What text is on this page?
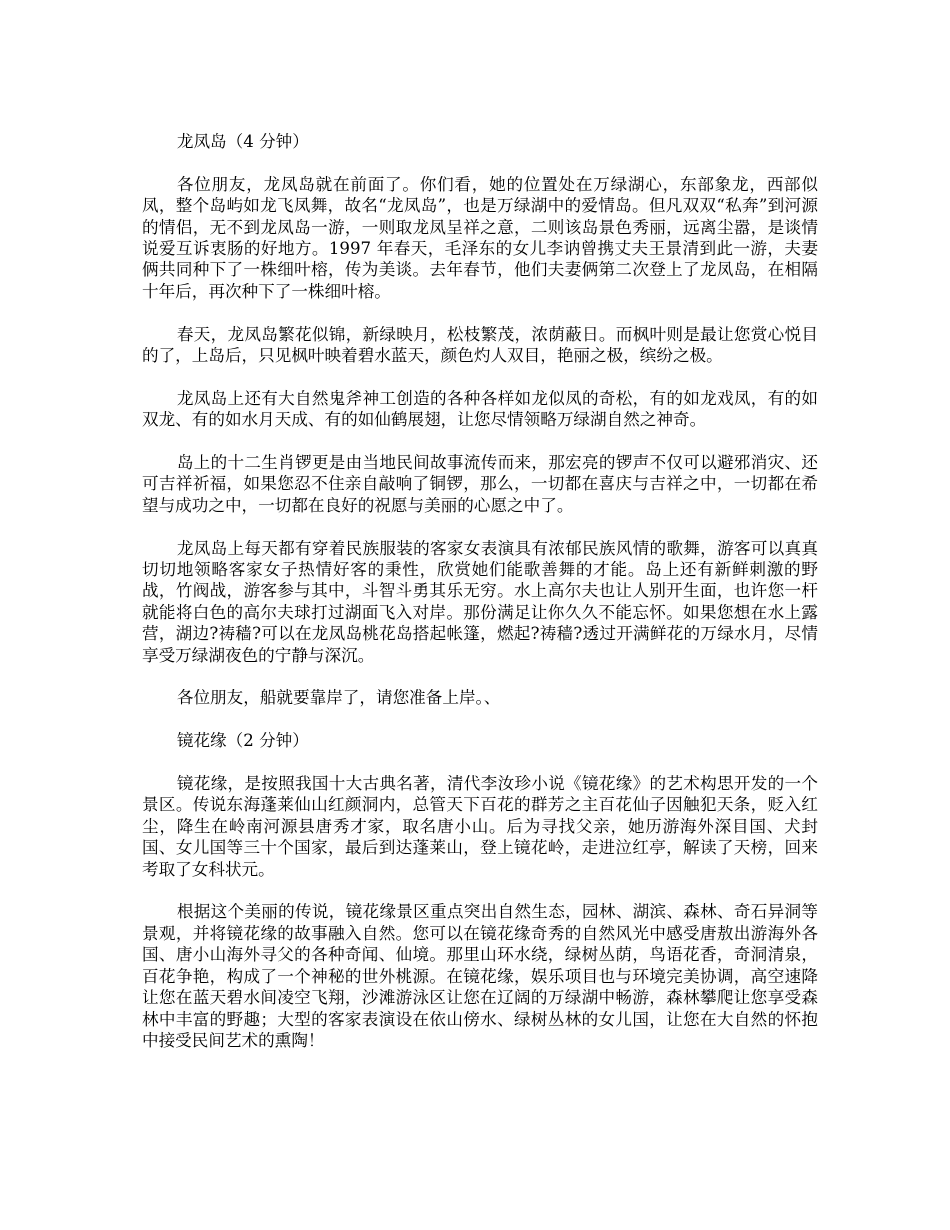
龙凤岛（4 分钟）

各位朋友，龙凤岛就在前面了。你们看，她的位置处在万绿湖心，东部象龙，西部似凤，整个岛屿如龙飞凤舞，故名“龙凤岛”，也是万绿湖中的爱情岛。但凡双双“私奔”到河源的情侣，无不到龙凤岛一游，一则取龙凤呈祥之意，二则该岛景色秀丽，远离尘嚣，是谈情说爱互诉衷肠的好地方。1997 年春天，毛泽东的女儿李讷曾携丈夫王景清到此一游，夫妻俩共同种下了一株细叶榕，传为美谈。去年春节，他们夫妻俩第二次登上了龙凤岛，在相隔十年后，再次种下了一株细叶榕。

春天，龙凤岛繁花似锦，新绿映月，松枝繁茂，浓荫蔽日。而枫叶则是最让您赏心悦目的了，上岛后，只见枫叶映着碧水蓝天，颜色灼人双目，艳丽之极，缤纷之极。

龙凤岛上还有大自然鬼斧神工创造的各种各样如龙似凤的奇松，有的如龙戏凤，有的如双龙、有的如水月天成、有的如仙鹤展翅，让您尽情领略万绿湖自然之神奇。

岛上的十二生肖锣更是由当地民间故事流传而来，那宏亮的锣声不仅可以避邪消灾、还可吉祥祈福，如果您忍不住亲自敲响了铜锣，那么，一切都在喜庆与吉祥之中，一切都在希望与成功之中，一切都在良好的祝愿与美丽的心愿之中了。

龙凤岛上每天都有穿着民族服装的客家女表演具有浓郁民族风情的歌舞，游客可以真真切切地领略客家女子热情好客的秉性，欣赏她们能歌善舞的才能。岛上还有新鲜刺激的野战，竹阀战，游客参与其中，斗智斗勇其乐无穷。水上高尔夫也让人别开生面，也许您一杆就能将白色的高尔夫球打过湖面飞入对岸。那份满足让你久久不能忘怀。如果您想在水上露营，湖边?祷穑?可以在龙凤岛桃花岛搭起帐篷，燃起?祷穑?透过开满鲜花的万绿水月，尽情享受万绿湖夜色的宁静与深沉。

各位朋友，船就要靠岸了，请您准备上岸。、

镜花缘（2 分钟）

镜花缘，是按照我国十大古典名著，清代李汝珍小说《镜花缘》的艺术构思开发的一个景区。传说东海蓬莱仙山红颜洞内，总管天下百花的群芳之主百花仙子因触犯天条，贬入红尘，降生在岭南河源县唐秀才家，取名唐小山。后为寻找父亲，她历游海外深目国、犬封国、女儿国等三十个国家，最后到达蓬莱山，登上镜花岭，走进泣红亭，解读了天榜，回来考取了女科状元。

根据这个美丽的传说，镜花缘景区重点突出自然生态，园林、湖滨、森林、奇石异洞等景观，并将镜花缘的故事融入自然。您可以在镜花缘奇秀的自然风光中感受唐敖出游海外各国、唐小山海外寻父的各种奇闻、仙境。那里山环水绕，绿树丛荫，鸟语花香，奇洞清泉，百花争艳，构成了一个神秘的世外桃源。在镜花缘，娱乐项目也与环境完美协调，高空速降让您在蓝天碧水间凌空飞翔，沙滩游泳区让您在辽阔的万绿湖中畅游，森林攀爬让您享受森林中丰富的野趣；大型的客家表演设在依山傍水、绿树丛林的女儿国，让您在大自然的怀抱中接受民间艺术的熏陶！
